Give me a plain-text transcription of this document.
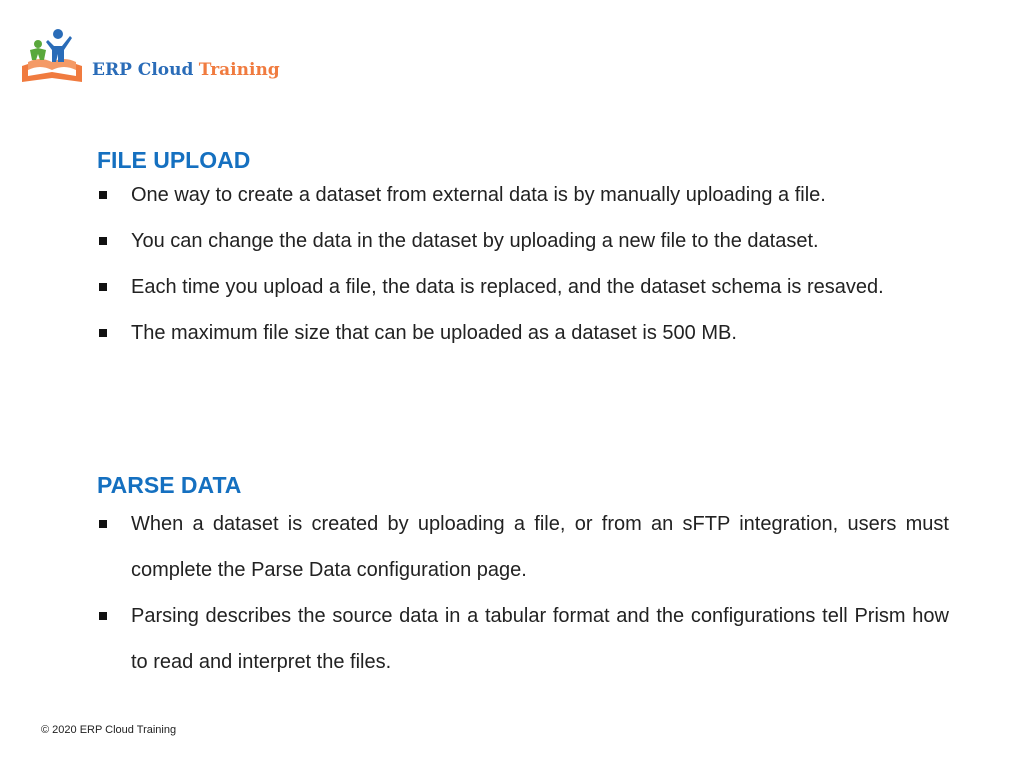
ERP Cloud Training
FILE UPLOAD
One way to create a dataset from external data is by manually uploading a file.
You can change the data in the dataset by uploading a new file to the dataset.
Each time you upload a file, the data is replaced, and the dataset schema is resaved.
The maximum file size that can be uploaded as a dataset is 500 MB.
PARSE DATA
When a dataset is created by uploading a file, or from an sFTP integration, users must complete the Parse Data configuration page.
Parsing describes the source data in a tabular format and the configurations tell Prism how to read and interpret the files.
© 2020 ERP Cloud Training
